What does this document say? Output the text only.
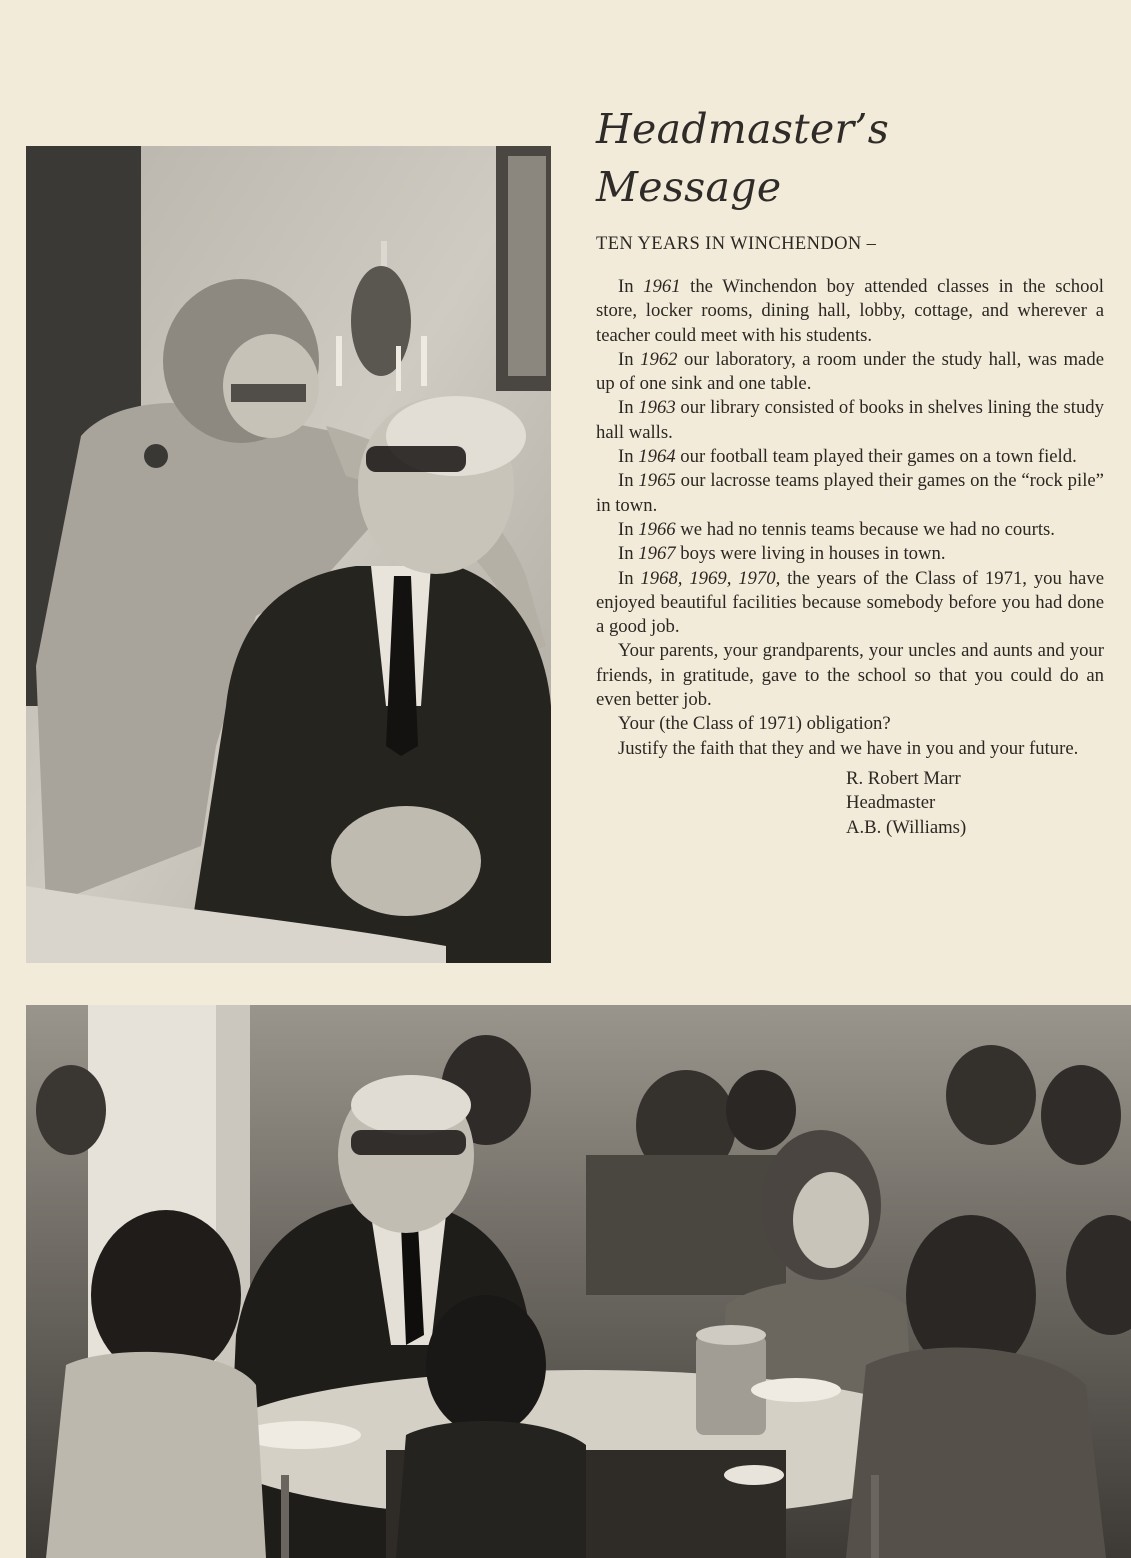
Headmaster’s
Message
TEN YEARS IN WINCHENDON –

In 1961 the Winchendon boy attended classes in the school store, locker rooms, dining hall, lobby, cottage, and wherever a teacher could meet with his students.

In 1962 our laboratory, a room under the study hall, was made up of one sink and one table.

In 1963 our library consisted of books in shelves lining the study hall walls.

In 1964 our football team played their games on a town field.

In 1965 our lacrosse teams played their games on the “rock pile” in town.

In 1966 we had no tennis teams because we had no courts.

In 1967 boys were living in houses in town.

In 1968, 1969, 1970, the years of the Class of 1971, you have enjoyed beautiful facilities because somebody before you had done a good job.

Your parents, your grandparents, your uncles and aunts and your friends, in gratitude, gave to the school so that you could do an even better job.

Your (the Class of 1971) obligation?

Justify the faith that they and we have in you and your future.

R. Robert Marr
Headmaster
A.B. (Williams)
